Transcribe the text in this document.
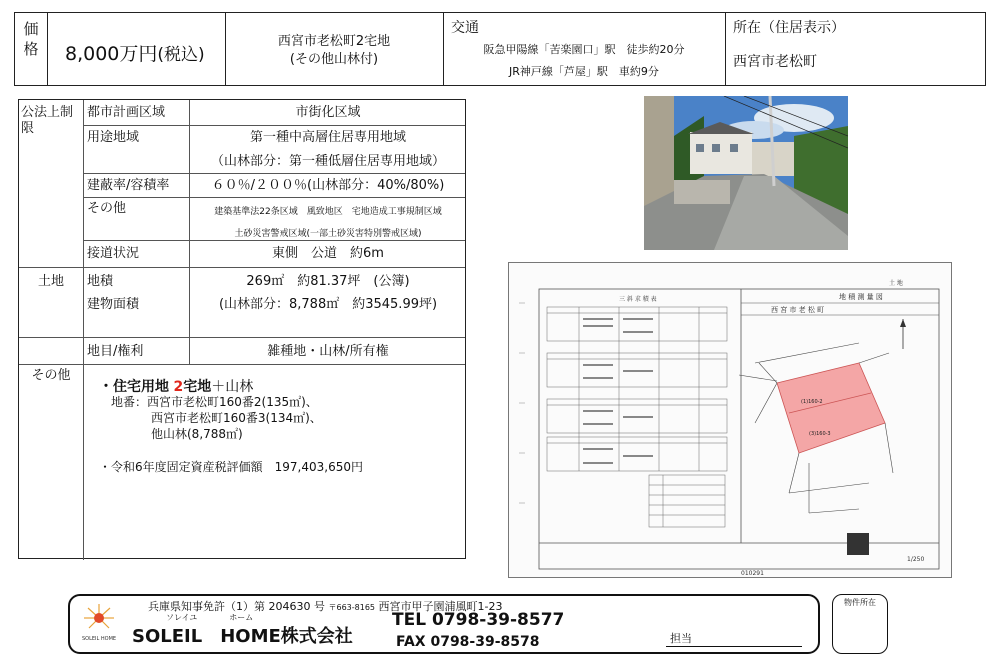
価 格	8,000万円(税込)
西宮市老松町2宅地
(その他山林付)
交通
阪急甲陽線「苦楽園口」駅　徒歩約20分
JR神戸線「芦屋」駅　車約9分
所在（住居表示）
西宮市老松町
公法上制限
都市計画区域	市街化区域
用途地域	第一種中高層住居専用地域
（山林部分：第一種低層住居専用地域）
建蔽率/容積率	６０％/２００％(山林部分：40%/80%)
その他	建築基準法22条区域　風致地区　宅地造成工事規制区域
土砂災害警戒区域(一部土砂災害特別警戒区域)
接道状況	東側　公道　約6m
土地	地積	269㎡　約81.37坪　(公簿)
建物面積	(山林部分：8,788㎡　約3545.99坪)
地目/権利	雑種地・山林/所有権
その他
・住宅用地 2宅地＋山林
地番：西宮市老松町160番2(135㎡)、
西宮市老松町160番3(134㎡)、
他山林(8,788㎡)
・令和6年度固定資産税評価額　197,403,650円
土 地
地 積 測 量 図
西 宮 市 老 松 町
三 斜 求 積 表
(1)160-2
(3)160-3
1/250
010291
SOLEIL HOME
兵庫県知事免許（1）第 204630 号 〒663-8165 西宮市甲子園浦風町1-23
ソレイユ　　　　ホーム
SOLEIL　HOME株式会社
TEL 0798-39-8577
FAX 0798-39-8578	担当
物件所在
